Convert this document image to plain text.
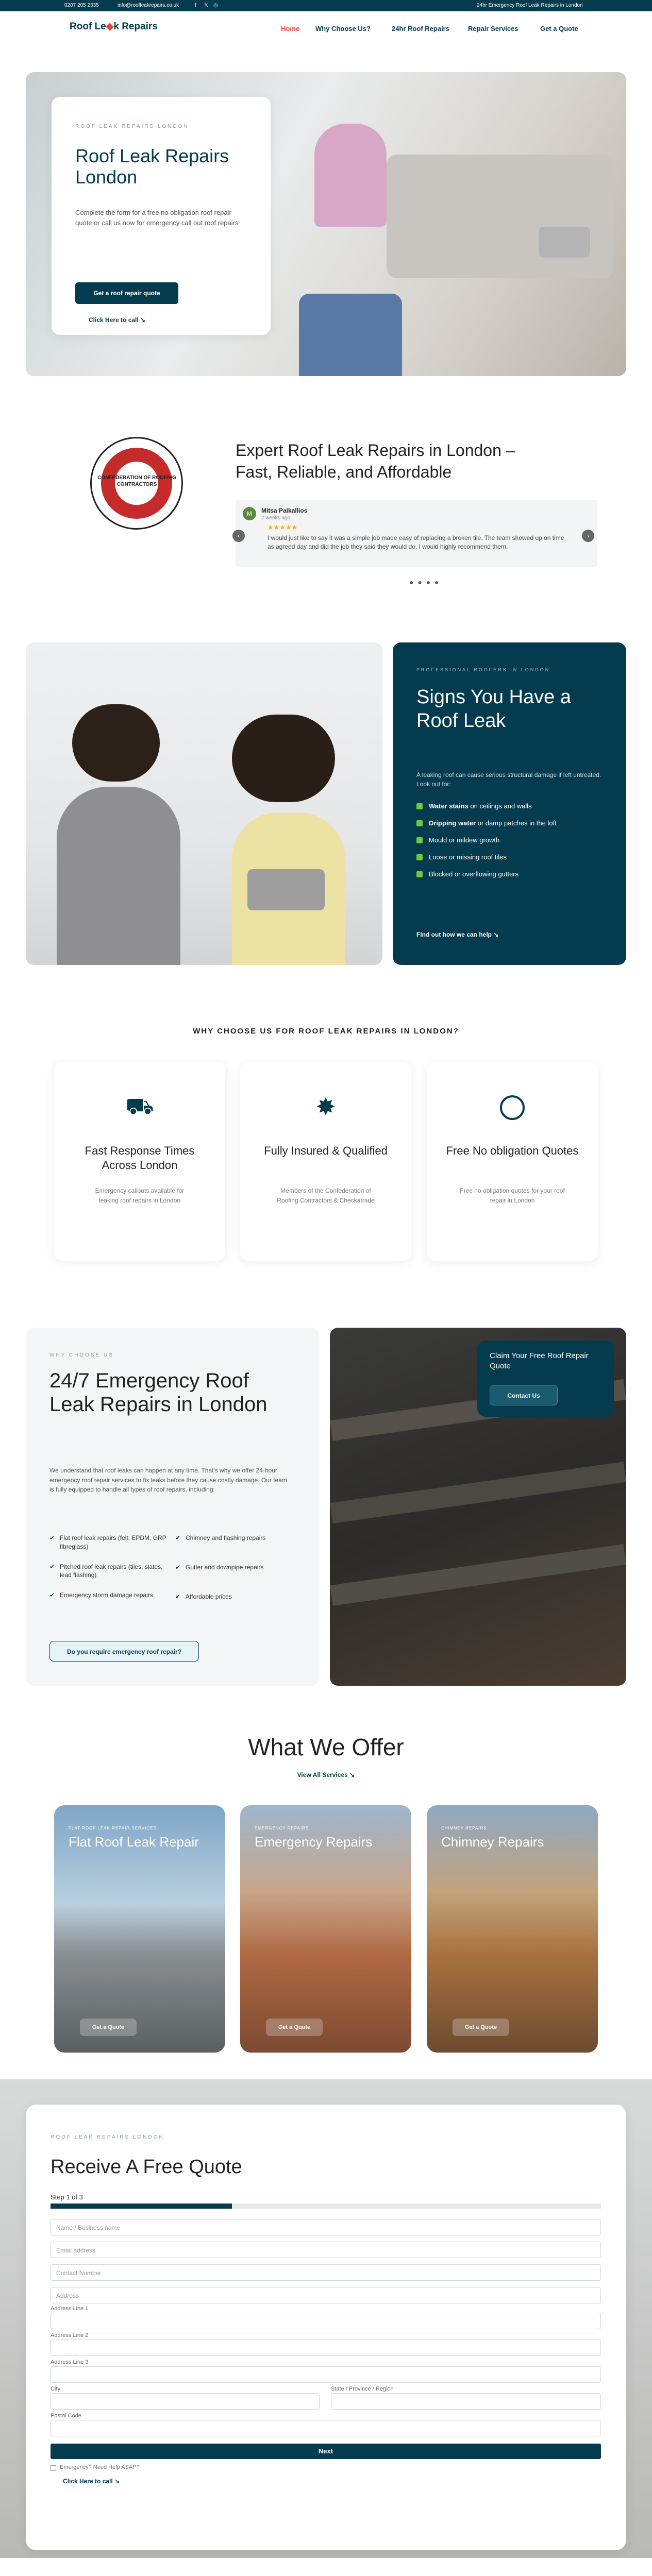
0207 205 2335	info@roofleakrepairs.co.uk	f 𝕏 ◎	24hr Emergency Roof Leak Repairs in London
Roof Le◆k Repairs	Home Why Choose Us?	24hr Roof Repairs	Repair Services	Get a Quote
ROOF LEAK REPAIRS LONDON
Roof Leak Repairs London
Complete the form for a free no obligation roof repair quote or call us now for emergency call out roof repairs
Get a roof repair quote
Click Here to call ↘
CONFEDERATION OF ROOFING CONTRACTORS
Expert Roof Leak Repairs in London – Fast, Reliable, and Affordable
M	Mitsa Paikallios
2 weeks ago
★★★★★
I would just like to say it was a simple job made easy of replacing a broken tile. The team showed up on time as agreed day and did the job they said they would do. I would highly recommend them.
‹	›
● ● ● ●
PROFESSIONAL ROOFERS IN LONDON
Signs You Have a Roof Leak
A leaking roof can cause serious structural damage if left untreated. Look out for:
Water stains on ceilings and walls
Dripping water or damp patches in the loft
Mould or mildew growth
Loose or missing roof tiles
Blocked or overflowing gutters
Find out how we can help ↘
WHY CHOOSE US FOR ROOF LEAK REPAIRS IN LONDON?
⛟
Fast Response Times Across London

Emergency callouts available for leaking roof repairs in London

✸
Fully Insured & Qualified

Members of the Confederation of Roofing Contractors & Checkatrade

Free No obligation Quotes

Free no obligation quotes for your roof repair in London

WHY CHOOSE US
24/7 Emergency Roof Leak Repairs in London
We understand that roof leaks can happen at any time. That's why we offer 24-hour emergency roof repair services to fix leaks before they cause costly damage. Our team is fully equipped to handle all types of roof repairs, including:
✔ Flat roof leak repairs (felt, EPDM, GRP fibreglass)
✔ Pitched roof leak repairs (tiles, slates, lead flashing)
✔ Emergency storm damage repairs
✔ Chimney and flashing repairs
✔ Gutter and downpipe repairs
✔ Affordable prices
Do you require emergency roof repair?
Claim Your Free Roof Repair Quote
Contact Us
What We Offer
View All Services ↘
FLAT ROOF LEAK REPAIR SERVICES
Flat Roof Leak Repair
Get a Quote
EMERGENCY REPAIRS
Emergency Repairs
Get a Quote
CHIMNEY REPAIRS
Chimney Repairs
Get a Quote
ROOF LEAK REPAIRS LONDON
Receive A Free Quote
Step 1 of 3
Name / Business name
Email address
Contact Number
Address
Address Line 1
Address Line 2
Address Line 3
City	State / Province / Region
Postal Code
Next
Emergency? Need Help ASAP?
Click Here to call ↘
